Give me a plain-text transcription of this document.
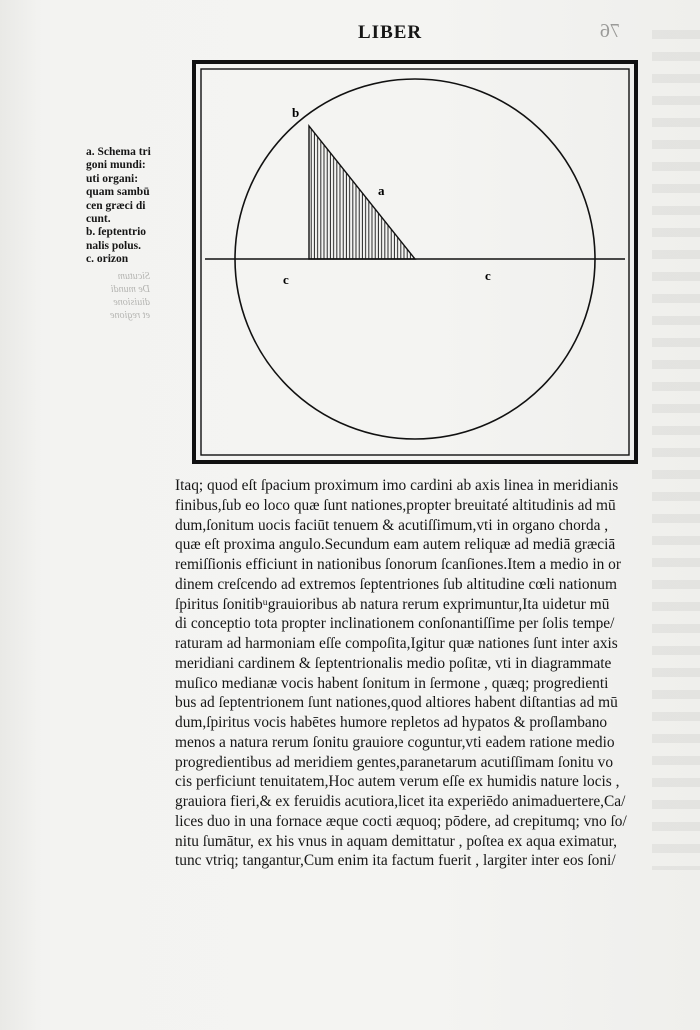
LIBER	76
a
b
c	c
a. Schema tri
goni mundi:
uti organi:
quam sambū
cen græci di
cunt.
b. ſeptentrio
nalis polus.
c. orizon
Sicutum
De mundi
diuisione
et regione
Itaq; quod eſt ſpacium proximum imo cardini ab axis linea in meridianis
finibus,ſub eo loco quæ ſunt nationes,propter breuitaté altitudinis ad mū
dum,ſonitum uocis faciūt tenuem & acutiſſimum,vti in organo chorda ,
quæ eſt proxima angulo.Secundum eam autem reliquæ ad mediā græciā
remiſſionis efficiunt in nationibus ſonorum ſcanſiones.Item a medio in or
dinem creſcendo ad extremos ſeptentriones ſub altitudine cœli nationum
ſpiritus ſonitibᵘgrauioribus ab natura rerum exprimuntur,Ita uidetur mū
di conceptio tota propter inclinationem conſonantiſſime per ſolis tempe/
raturam ad harmoniam eſſe compoſita,Igitur quæ nationes ſunt inter axis
meridiani cardinem & ſeptentrionalis medio poſitæ, vti in diagrammate
muſico medianæ vocis habent ſonitum in ſermone , quæq; progredienti
bus ad ſeptentrionem ſunt nationes,quod altiores habent diſtantias ad mū
dum,ſpiritus vocis habētes humore repletos ad hypatos & proſlambano
menos a natura rerum ſonitu grauiore coguntur,vti eadem ratione medio
progredientibus ad meridiem gentes,paranetarum acutiſſimam ſonitu vo
cis perficiunt tenuitatem,Hoc autem verum eſſe ex humidis nature locis ,
grauiora fieri,& ex feruidis acutiora,licet ita experiēdo animaduertere,Ca/
lices duo in una fornace æque cocti æquoq; pōdere, ad crepitumq; vno ſo/
nitu ſumātur, ex his vnus in aquam demittatur , poſtea ex aqua eximatur,
tunc vtriq; tangantur,Cum enim ita factum fuerit , largiter inter eos ſoni/
